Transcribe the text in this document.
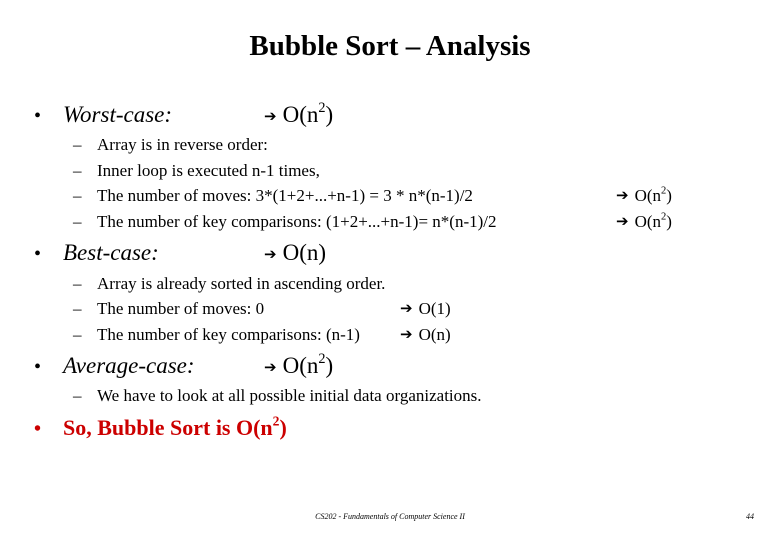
Bubble Sort – Analysis
• Worst-case:	➔ $O(n^2)$
– Array is in reverse order:
– Inner loop is executed n-1 times,
– The number of moves: 3*(1+2+...+n-1) = 3 * n*(n-1)/2	➔ $O(n^2)$
– The number of key comparisons: (1+2+...+n-1)= n*(n-1)/2	➔ $O(n^2)$
• Best-case:	➔ O(n)
– Array is already sorted in ascending order.
– The number of moves: 0	➔ O(1)
– The number of key comparisons: (n-1)	➔ O(n)
• Average-case:	➔ $O(n^2)$
– We have to look at all possible initial data organizations.
• So, Bubble Sort is $O(n^2)$
CS202 - Fundamentals of Computer Science II	44
